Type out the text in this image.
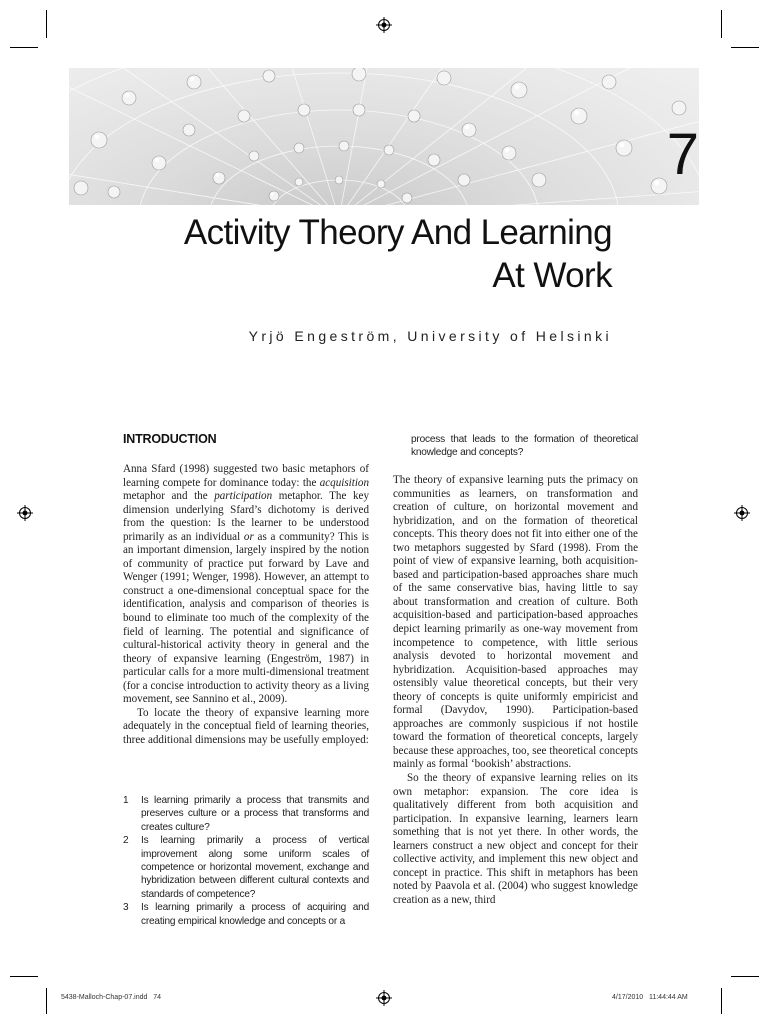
7
Activity Theory And Learning
At Work
Yrjö Engeström, University of Helsinki
INTRODUCTION

Anna Sfard (1998) suggested two basic metaphors of learning compete for dominance today: the acquisition metaphor and the participation metaphor. The key dimension underlying Sfard’s dichotomy is derived from the question: Is the learner to be understood primarily as an individual or as a community? This is an important dimension, largely inspired by the notion of community of practice put forward by Lave and Wenger (1991; Wenger, 1998). However, an attempt to construct a one-dimensional conceptual space for the identification, analysis and comparison of theories is bound to eliminate too much of the complexity of the field of learning. The potential and significance of cultural-historical activity theory in general and the theory of expansive learning (Engeström, 1987) in particular calls for a more multi-dimensional treatment (for a concise introduction to activity theory as a living movement, see Sannino et al., 2009).

To locate the theory of expansive learning more adequately in the conceptual field of learning theories, three additional dimensions may be usefully employed:

1 Is learning primarily a process that transmits and preserves culture or a process that transforms and creates culture?
2 Is learning primarily a process of vertical improvement along some uniform scales of competence or horizontal movement, exchange and hybridization between different cultural contexts and standards of competence?
3 Is learning primarily a process of acquiring and creating empirical knowledge and concepts or a
process that leads to the formation of theoretical knowledge and concepts?

The theory of expansive learning puts the primacy on communities as learners, on transformation and creation of culture, on horizontal movement and hybridization, and on the formation of theoretical concepts. This theory does not fit into either one of the two metaphors suggested by Sfard (1998). From the point of view of expansive learning, both acquisition-based and participation-based approaches share much of the same conservative bias, having little to say about transformation and creation of culture. Both acquisition-based and participation-based approaches depict learning primarily as one-way movement from incompetence to competence, with little serious analysis devoted to horizontal movement and hybridization. Acquisition-based approaches may ostensibly value theoretical concepts, but their very theory of concepts is quite uniformly empiricist and formal (Davydov, 1990). Participation-based approaches are commonly suspicious if not hostile toward the formation of theoretical concepts, largely because these approaches, too, see theoretical concepts mainly as formal ‘bookish’ abstractions.

So the theory of expansive learning relies on its own metaphor: expansion. The core idea is qualitatively different from both acquisition and participation. In expansive learning, learners learn something that is not yet there. In other words, the learners construct a new object and concept for their collective activity, and implement this new object and concept in practice. This shift in metaphors has been noted by Paavola et al. (2004) who suggest knowledge creation as a new, third

5438-Malloch-Chap-07.indd   74	4/17/2010   11:44:44 AM
